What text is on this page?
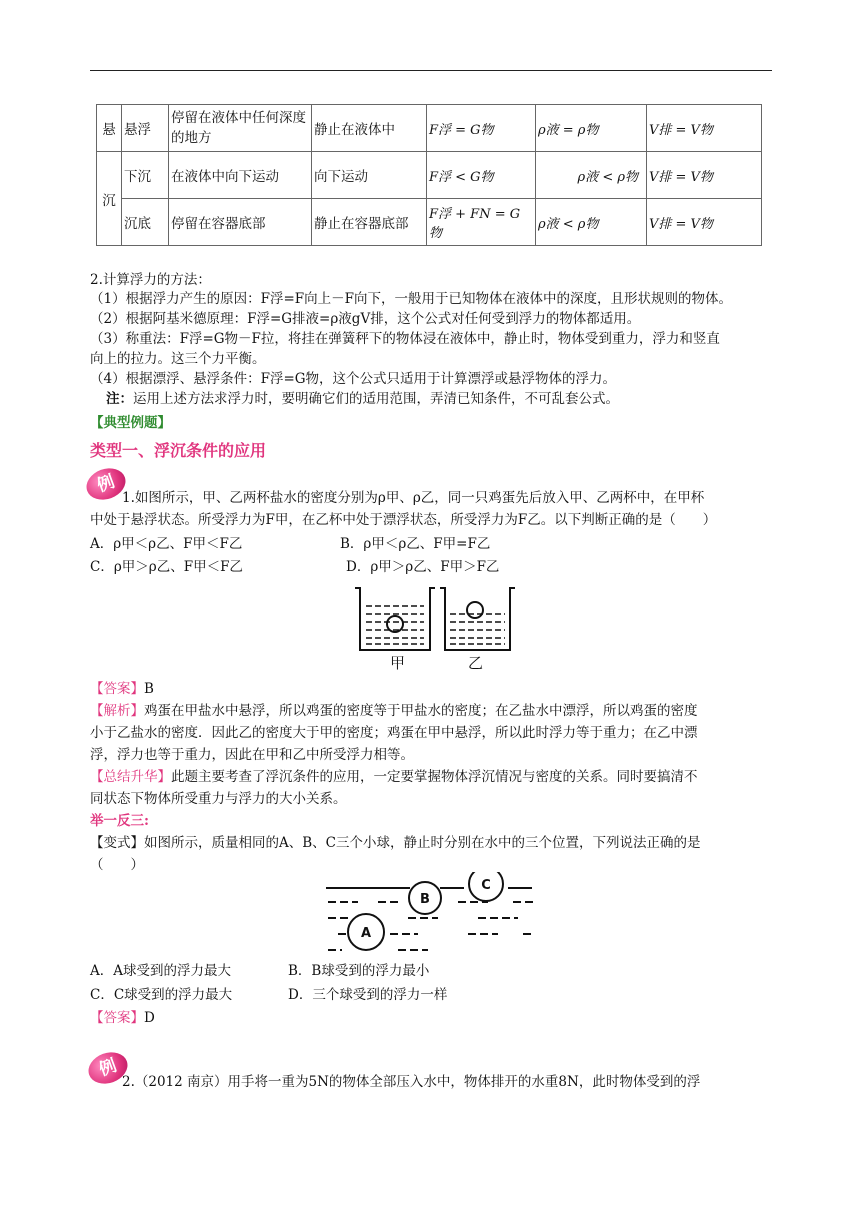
悬	悬浮	停留在液体中任何深度的地方	静止在液体中	F浮 = G物	ρ液 = ρ物	V排 = V物
沉	下沉	在液体中向下运动	向下运动	F浮 < G物	ρ液 < ρ物	V排 = V物
	沉底	停留在容器底部	静止在容器底部	F浮 + FN = G物	ρ液 < ρ物	V排 = V物
2.计算浮力的方法：
（1）根据浮力产生的原因：F浮=F向上－F向下，一般用于已知物体在液体中的深度，且形状规则的物体。
（2）根据阿基米德原理：F浮=G排液=ρ液gV排，这个公式对任何受到浮力的物体都适用。
（3）称重法：F浮=G物－F拉，将挂在弹簧秤下的物体浸在液体中，静止时，物体受到重力，浮力和竖直
向上的拉力。这三个力平衡。
（4）根据漂浮、悬浮条件：F浮=G物，这个公式只适用于计算漂浮或悬浮物体的浮力。
注：运用上述方法求浮力时，要明确它们的适用范围，弄清已知条件，不可乱套公式。
【典型例题】
类型一、浮沉条件的应用
例
1.如图所示，甲、乙两杯盐水的密度分别为ρ甲、ρ乙，同一只鸡蛋先后放入甲、乙两杯中，在甲杯
中处于悬浮状态。所受浮力为F甲，在乙杯中处于漂浮状态，所受浮力为F乙。以下判断正确的是（　　）
A．ρ甲＜ρ乙、F甲＜F乙	B．ρ甲＜ρ乙、F甲=F乙
C．ρ甲＞ρ乙、F甲＜F乙	D．ρ甲＞ρ乙、F甲＞F乙
甲	乙
【答案】B
【解析】鸡蛋在甲盐水中悬浮，所以鸡蛋的密度等于甲盐水的密度；在乙盐水中漂浮，所以鸡蛋的密度
小于乙盐水的密度．因此乙的密度大于甲的密度；鸡蛋在甲中悬浮，所以此时浮力等于重力；在乙中漂
浮，浮力也等于重力，因此在甲和乙中所受浮力相等。
【总结升华】此题主要考查了浮沉条件的应用，一定要掌握物体浮沉情况与密度的关系。同时要搞清不
同状态下物体所受重力与浮力的大小关系。
举一反三:
【变式】如图所示，质量相同的A、B、C三个小球，静止时分别在水中的三个位置，下列说法正确的是
（　　）
A
B
C
A．A球受到的浮力最大	B．B球受到的浮力最小
C．C球受到的浮力最大	D．三个球受到的浮力一样
【答案】D
例
2.（2012 南京）用手将一重为5N的物体全部压入水中，物体排开的水重8N，此时物体受到的浮
